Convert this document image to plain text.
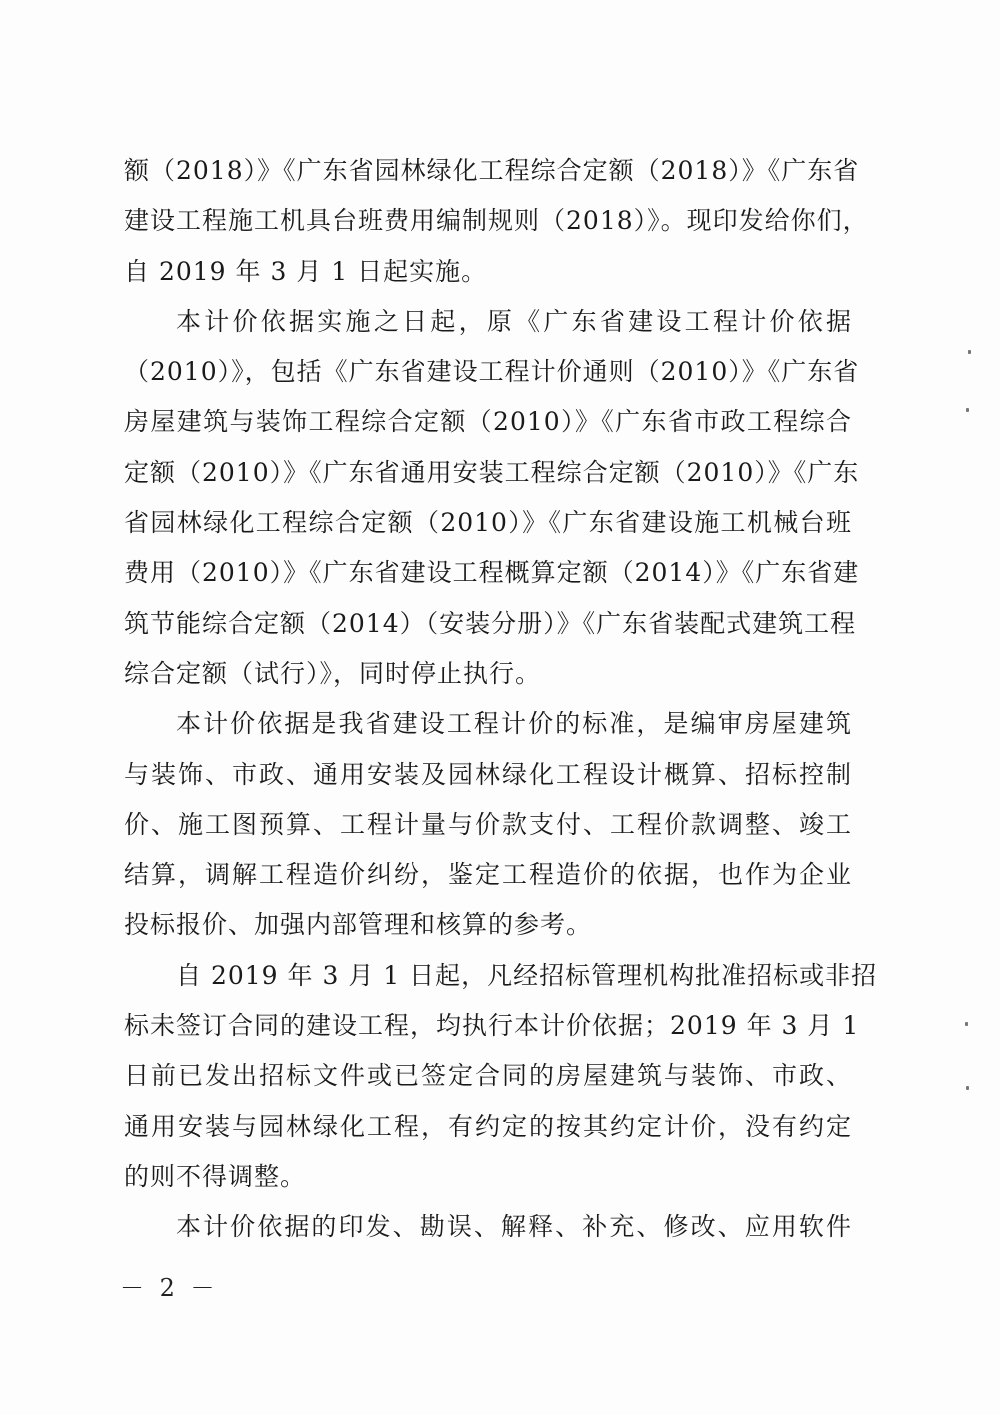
额（2018）》《广东省园林绿化工程综合定额（2018）》《广东省
建设工程施工机具台班费用编制规则（2018）》。现印发给你们，
自 2019 年 3 月 1 日起实施。
本计价依据实施之日起，原《广东省建设工程计价依据
（2010）》，包括《广东省建设工程计价通则（2010）》《广东省
房屋建筑与装饰工程综合定额（2010）》《广东省市政工程综合
定额（2010）》《广东省通用安装工程综合定额（2010）》《广东
省园林绿化工程综合定额（2010）》《广东省建设施工机械台班
费用（2010）》《广东省建设工程概算定额（2014）》《广东省建
筑节能综合定额（2014）（安装分册）》《广东省装配式建筑工程
综合定额（试行）》，同时停止执行。
本计价依据是我省建设工程计价的标准，是编审房屋建筑
与装饰、市政、通用安装及园林绿化工程设计概算、招标控制
价、施工图预算、工程计量与价款支付、工程价款调整、竣工
结算，调解工程造价纠纷，鉴定工程造价的依据，也作为企业
投标报价、加强内部管理和核算的参考。
自 2019 年 3 月 1 日起，凡经招标管理机构批准招标或非招
标未签订合同的建设工程，均执行本计价依据；2019 年 3 月 1
日前已发出招标文件或已签定合同的房屋建筑与装饰、市政、
通用安装与园林绿化工程，有约定的按其约定计价，没有约定
的则不得调整。
本计价依据的印发、勘误、解释、补充、修改、应用软件
－ 2 －
